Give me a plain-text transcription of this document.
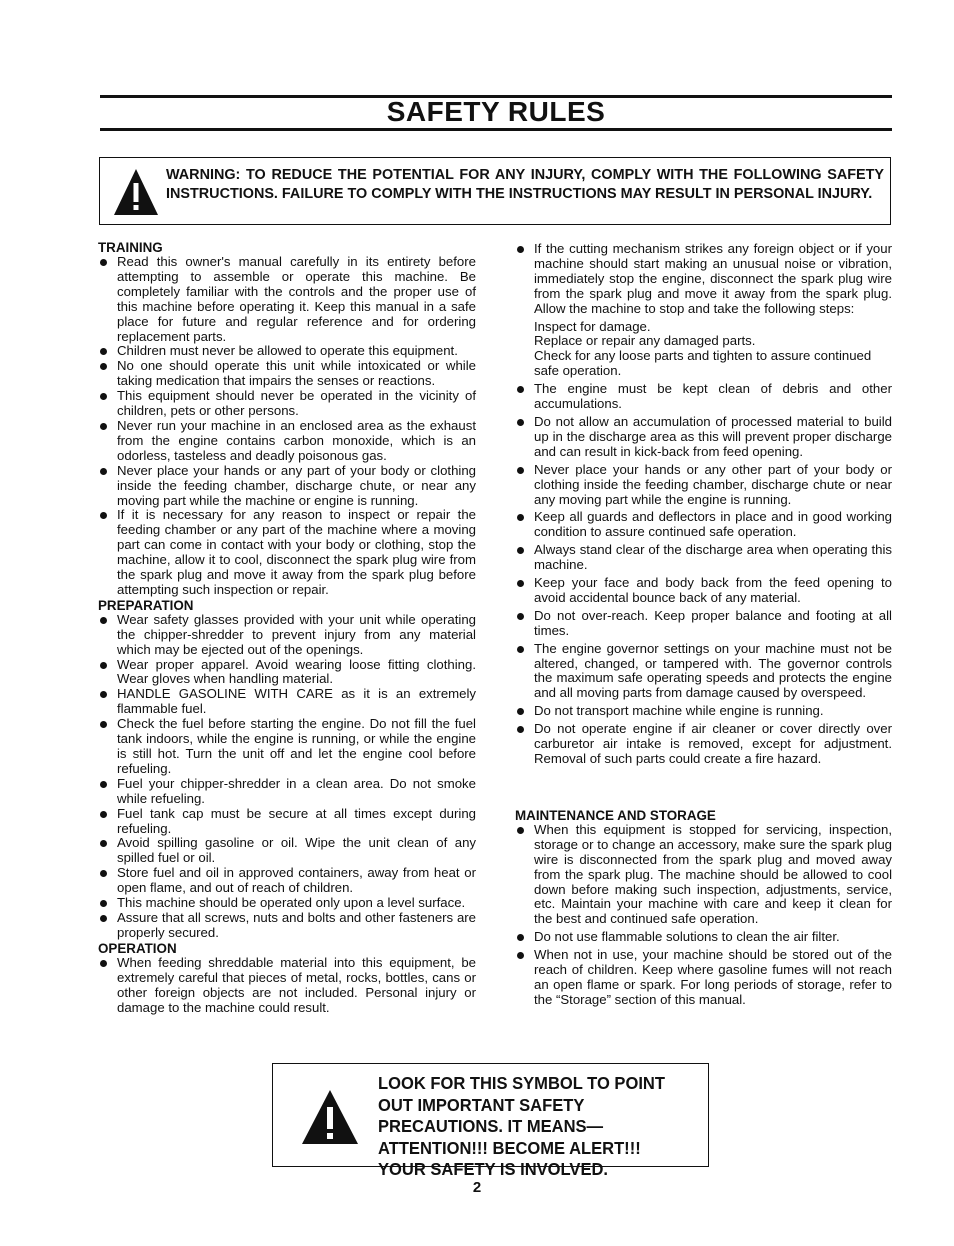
SAFETY RULES
WARNING: TO REDUCE THE POTENTIAL FOR ANY INJURY, COMPLY WITH THE FOLLOWING SAFETY INSTRUCTIONS. FAILURE TO COMPLY WITH THE INSTRUCTIONS MAY RESULT IN PERSONAL INJURY.

TRAINING

Read this owner's manual carefully in its entirety before attempting to assemble or operate this machine. Be completely familiar with the controls and the proper use of this machine before operating it. Keep this manual in a safe place for future and regular reference and for ordering replacement parts.
Children must never be allowed to operate this equipment.
No one should operate this unit while intoxicated or while taking medication that impairs the senses or reactions.
This equipment should never be operated in the vicinity of children, pets or other persons.
Never run your machine in an enclosed area as the exhaust from the engine contains carbon monoxide, which is an odorless, tasteless and deadly poisonous gas.
Never place your hands or any part of your body or clothing inside the feeding chamber, discharge chute, or near any moving part while the machine or engine is running.
If it is necessary for any reason to inspect or repair the feeding chamber or any part of the machine where a moving part can come in contact with your body or clothing, stop the machine, allow it to cool, disconnect the spark plug wire from the spark plug and move it away from the spark plug before attempting such inspection or repair.

PREPARATION

Wear safety glasses provided with your unit while operating the chipper-shredder to prevent injury from any material which may be ejected out of the openings.
Wear proper apparel. Avoid wearing loose fitting clothing. Wear gloves when handling material.
HANDLE GASOLINE WITH CARE as it is an extremely flammable fuel.
Check the fuel before starting the engine. Do not fill the fuel tank indoors, while the engine is running, or while the engine is still hot. Turn the unit off and let the engine cool before refueling.
Fuel your chipper-shredder in a clean area. Do not smoke while refueling.
Fuel tank cap must be secure at all times except during refueling.
Avoid spilling gasoline or oil. Wipe the unit clean of any spilled fuel or oil.
Store fuel and oil in approved containers, away from heat or open flame, and out of reach of children.
This machine should be operated only upon a level surface.
Assure that all screws, nuts and bolts and other fasteners are properly secured.

OPERATION

When feeding shreddable material into this equipment, be extremely careful that pieces of metal, rocks, bottles, cans or other foreign objects are not included. Personal injury or damage to the machine could result.
If the cutting mechanism strikes any foreign object or if your machine should start making an unusual noise or vibration, immediately stop the engine, disconnect the spark plug wire from the spark plug and move it away from the spark plug. Allow the machine to stop and take the following steps:

Inspect for damage.

Replace or repair any damaged parts.

Check for any loose parts and tighten to assure continued safe operation.

The engine must be kept clean of debris and other accumulations.
Do not allow an accumulation of processed material to build up in the discharge area as this will prevent proper discharge and can result in kick-back from feed opening.
Never place your hands or any other part of your body or clothing inside the feeding chamber, discharge chute or near any moving part while the engine is running.
Keep all guards and deflectors in place and in good working condition to assure continued safe operation.
Always stand clear of the discharge area when operating this machine.
Keep your face and body back from the feed opening to avoid accidental bounce back of any material.
Do not over-reach. Keep proper balance and footing at all times.
The engine governor settings on your machine must not be altered, changed, or tampered with. The governor controls the maximum safe operating speeds and protects the engine and all moving parts from damage caused by overspeed.
Do not transport machine while engine is running.
Do not operate engine if air cleaner or cover directly over carburetor air intake is removed, except for adjustment. Removal of such parts could create a fire hazard.

MAINTENANCE AND STORAGE

When this equipment is stopped for servicing, inspection, storage or to change an accessory, make sure the spark plug wire is disconnected from the spark plug and moved away from the spark plug. The machine should be allowed to cool down before making such inspection, adjustments, service, etc. Maintain your machine with care and keep it clean for the best and continued safe operation.
Do not use flammable solutions to clean the air filter.
When not in use, your machine should be stored out of the reach of children. Keep where gasoline fumes will not reach an open flame or spark. For long periods of storage, refer to the “Storage” section of this manual.
LOOK FOR THIS SYMBOL TO POINT OUT IMPORTANT SAFETY PRECAUTIONS. IT MEANS—ATTENTION!!! BECOME ALERT!!! YOUR SAFETY IS INVOLVED.
2
